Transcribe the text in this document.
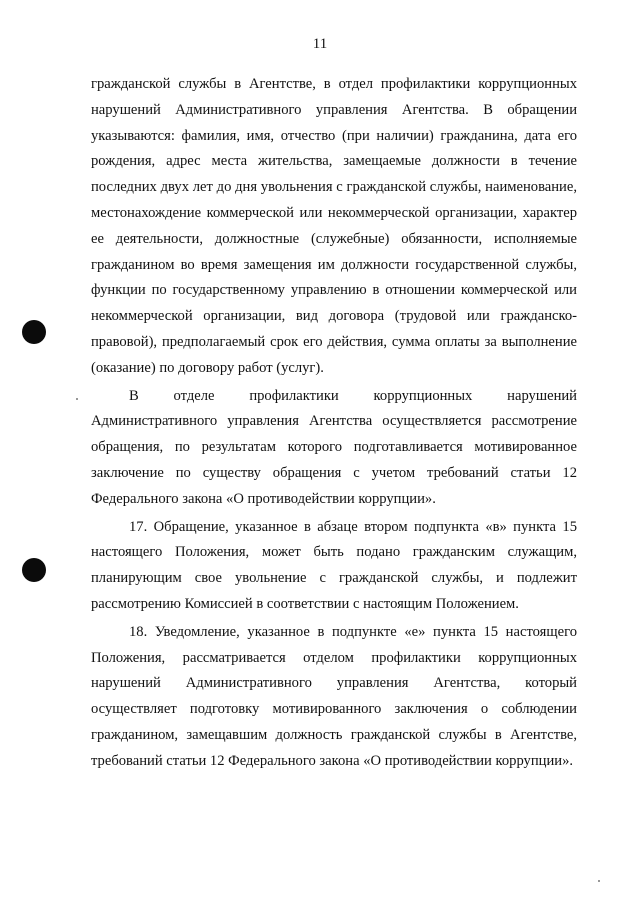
11

гражданской службы в Агентстве, в отдел профилактики коррупционных нарушений Административного управления Агентства. В обращении указываются: фамилия, имя, отчество (при наличии) гражданина, дата его рождения, адрес места жительства, замещаемые должности в течение последних двух лет до дня увольнения с гражданской службы, наименование, местонахождение коммерческой или некоммерческой организации, характер ее деятельности, должностные (служебные) обязанности, исполняемые гражданином во время замещения им должности государственной службы, функции по государственному управлению в отношении коммерческой или некоммерческой организации, вид договора (трудовой или гражданско-правовой), предполагаемый срок его действия, сумма оплаты за выполнение (оказание) по договору работ (услуг).

В отделе профилактики коррупционных нарушений Административного управления Агентства осуществляется рассмотрение обращения, по результатам которого подготавливается мотивированное заключение по существу обращения с учетом требований статьи 12 Федерального закона «О противодействии коррупции».

17. Обращение, указанное в абзаце втором подпункта «в» пункта 15 настоящего Положения, может быть подано гражданским служащим, планирующим свое увольнение с гражданской службы, и подлежит рассмотрению Комиссией в соответствии с настоящим Положением.

18. Уведомление, указанное в подпункте «е» пункта 15 настоящего Положения, рассматривается отделом профилактики коррупционных нарушений Административного управления Агентства, который осуществляет подготовку мотивированного заключения о соблюдении гражданином, замещавшим должность гражданской службы в Агентстве, требований статьи 12 Федерального закона «О противодействии коррупции».
